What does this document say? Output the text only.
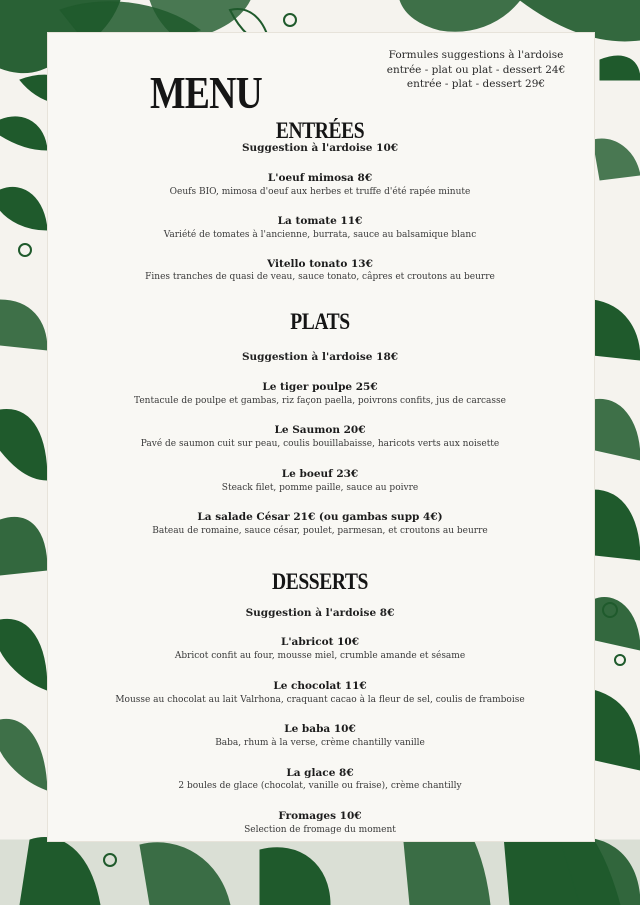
MENU
Formules suggestions à l'ardoise
entrée - plat ou plat - dessert 24€
entrée - plat - dessert 29€
ENTRÉES
Suggestion à l'ardoise 10€
L'oeuf mimosa 8€
Oeufs BIO, mimosa d'oeuf aux herbes et truffe d'été rapée minute
La tomate 11€
Variété de tomates à l'ancienne, burrata, sauce au balsamique blanc
Vitello tonato 13€
Fines tranches de quasi de veau, sauce tonato, câpres et croutons au beurre
PLATS
Suggestion à l'ardoise 18€
Le tiger poulpe 25€
Tentacule de poulpe et gambas, riz façon paella, poivrons confits, jus de carcasse
Le Saumon 20€
Pavé de saumon cuit sur peau, coulis bouillabaisse, haricots verts aux noisette
Le boeuf 23€
Steack filet, pomme paille, sauce au poivre
La salade César 21€ (ou gambas supp 4€)
Bateau de romaine, sauce césar, poulet, parmesan, et croutons au beurre
DESSERTS
Suggestion à l'ardoise 8€
L'abricot 10€
Abricot confit au four, mousse miel, crumble amande et sésame
Le chocolat 11€
Mousse au chocolat au lait Valrhona, craquant cacao à la fleur de sel, coulis de framboise
Le baba 10€
Baba, rhum à la verse, crème chantilly vanille
La glace 8€
2 boules de glace (chocolat, vanille ou fraise), crème chantilly
Fromages 10€
Selection de fromage du moment
